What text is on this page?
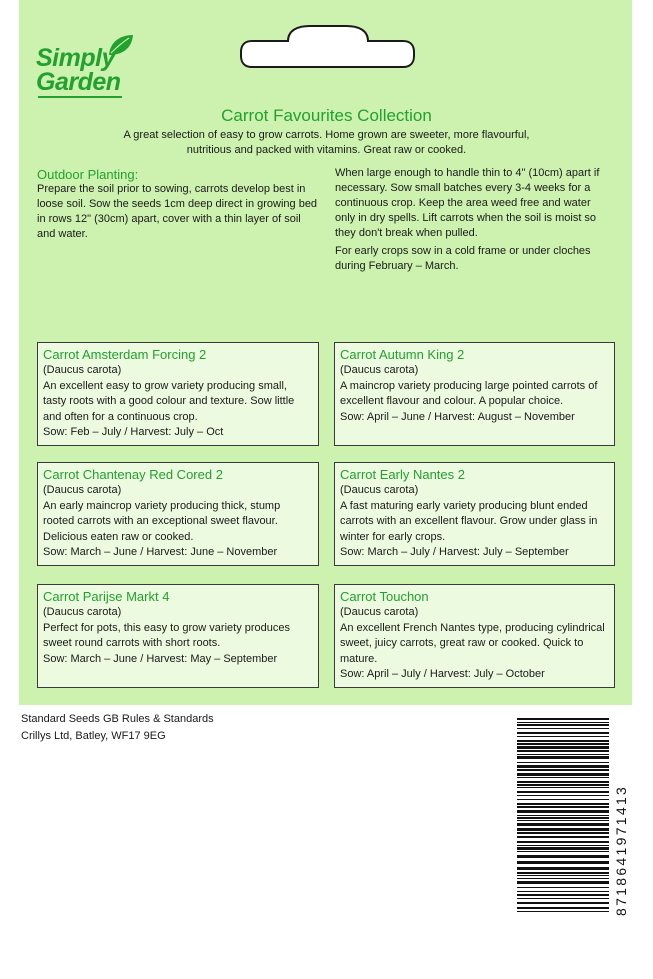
Simply
Garden
Carrot Favourites Collection
A great selection of easy to grow carrots. Home grown are sweeter, more flavourful, nutritious and packed with vitamins. Great raw or cooked.
Outdoor Planting:

Prepare the soil prior to sowing, carrots develop best in loose soil. Sow the seeds 1cm deep direct in growing bed in rows 12" (30cm) apart, cover with a thin layer of soil and water.

When large enough to handle thin to 4" (10cm) apart if necessary. Sow small batches every 3-4 weeks for a continuous crop. Keep the area weed free and water only in dry spells. Lift carrots when the soil is moist so they don't break when pulled.

For early crops sow in a cold frame or under cloches during February – March.

Carrot Amsterdam Forcing 2

(Daucus carota)

An excellent easy to grow variety producing small, tasty roots with a good colour and texture. Sow little and often for a continuous crop.

Sow: Feb – July / Harvest: July – Oct

Carrot Autumn King 2

(Daucus carota)

A maincrop variety producing large pointed carrots of excellent flavour and colour. A popular choice.

Sow: April – June / Harvest: August – November

Carrot Chantenay Red Cored 2

(Daucus carota)

An early maincrop variety producing thick, stump rooted carrots with an exceptional sweet flavour. Delicious eaten raw or cooked.

Sow: March – June / Harvest: June – November

Carrot Early Nantes 2

(Daucus carota)

A fast maturing early variety producing blunt ended carrots with an excellent flavour. Grow under glass in winter for early crops.

Sow: March – July / Harvest: July – September

Carrot Parijse Markt 4

(Daucus carota)

Perfect for pots, this easy to grow variety produces sweet round carrots with short roots.

Sow: March – June / Harvest: May – September

Carrot Touchon

(Daucus carota)

An excellent French Nantes type, producing cylindrical sweet, juicy carrots, great raw or cooked. Quick to mature.

Sow: April – July / Harvest: July – October

Standard Seeds GB Rules & Standards
Crillys Ltd, Batley, WF17 9EG
8718641971413
